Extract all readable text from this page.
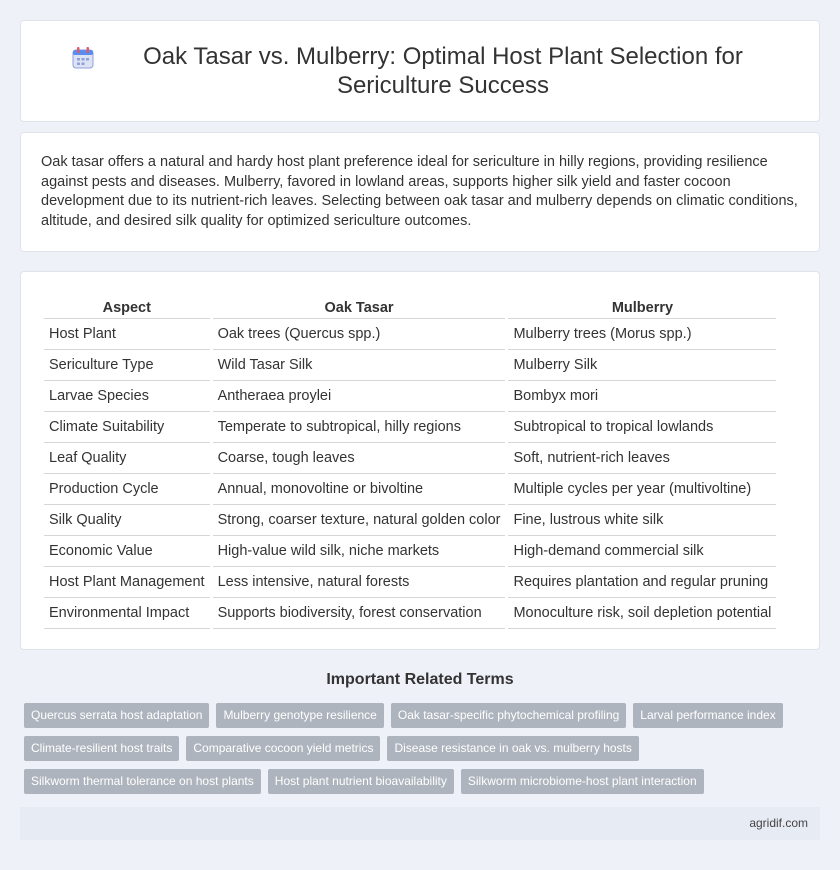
Oak Tasar vs. Mulberry: Optimal Host Plant Selection for Sericulture Success

Oak tasar offers a natural and hardy host plant preference ideal for sericulture in hilly regions, providing resilience against pests and diseases. Mulberry, favored in lowland areas, supports higher silk yield and faster cocoon development due to its nutrient-rich leaves. Selecting between oak tasar and mulberry depends on climatic conditions, altitude, and desired silk quality for optimized sericulture outcomes.

Aspect	Oak Tasar	Mulberry
Host Plant	Oak trees (Quercus spp.)	Mulberry trees (Morus spp.)
Sericulture Type	Wild Tasar Silk	Mulberry Silk
Larvae Species	Antheraea proylei	Bombyx mori
Climate Suitability	Temperate to subtropical, hilly regions	Subtropical to tropical lowlands
Leaf Quality	Coarse, tough leaves	Soft, nutrient-rich leaves
Production Cycle	Annual, monovoltine or bivoltine	Multiple cycles per year (multivoltine)
Silk Quality	Strong, coarser texture, natural golden color	Fine, lustrous white silk
Economic Value	High-value wild silk, niche markets	High-demand commercial silk
Host Plant Management	Less intensive, natural forests	Requires plantation and regular pruning
Environmental Impact	Supports biodiversity, forest conservation	Monoculture risk, soil depletion potential
Important Related Terms
Quercus serrata host adaptation	Mulberry genotype resilience	Oak tasar-specific phytochemical profiling	Larval performance index
Climate-resilient host traits	Comparative cocoon yield metrics	Disease resistance in oak vs. mulberry hosts
Silkworm thermal tolerance on host plants	Host plant nutrient bioavailability	Silkworm microbiome-host plant interaction
agridif.com
